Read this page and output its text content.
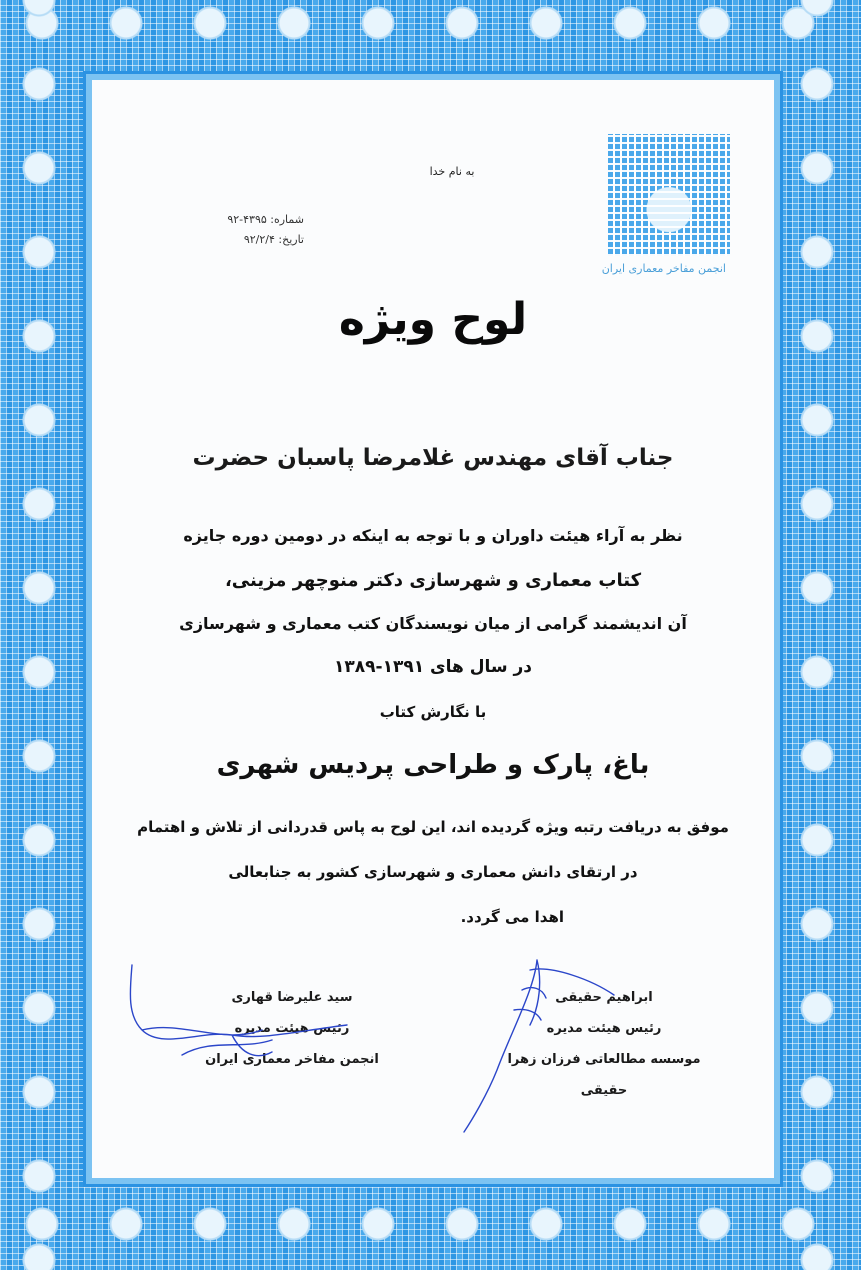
انجمن مفاخر معماری ایران
به نام خدا
شماره: ۴۳۹۵-۹۲
تاریخ: ۹۲/۲/۴
لوح ویژه
جناب آقای مهندس غلامرضا پاسبان حضرت
نظر به آراء هیئت داوران و با توجه به اینکه در دومین دوره جایزه
کتاب معماری و شهرسازی دکتر منوچهر مزینی،
آن اندیشمند گرامی از میان نویسندگان کتب معماری و شهرسازی
در سال های ۱۳۹۱-۱۳۸۹
با نگارش کتاب
باغ، پارک و طراحی پردیس شهری
موفق به دریافت رتبه ویژه گردیده اند، این لوح به پاس قدردانی از تلاش و اهتمام
در ارتقای دانش معماری و شهرسازی کشور به جنابعالی
اهدا می گردد.
ابراهیم حقیقی
رئیس هیئت مدیره
موسسه مطالعاتی فرزان زهرا حقیقی
سید علیرضا قهاری
رئیس هیئت مدیره
انجمن مفاخر معماری ایران
